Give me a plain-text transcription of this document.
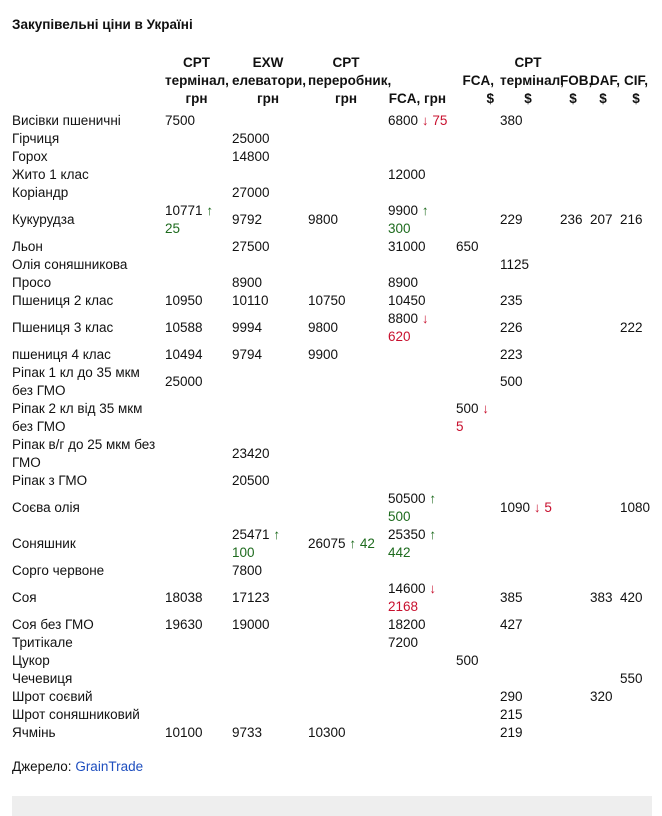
Закупівельні ціни в Україні
	CPT термінал, грн	EXW елеватори, грн	CPT переробник, грн	FCA, грн	FCA, $	CPT термінал, $	FOB, $	DAF, $	CIF, $
Висівки пшеничні	7500			6800 ↓ 75		380			
Гірчиця		25000							
Горох		14800							
Жито 1 клас				12000					
Коріандр		27000							
Кукурудза	10771 ↑ 25	9792	9800	9900 ↑ 300		229	236	207	216
Льон		27500		31000	650				
Олія соняшникова						1125			
Просо		8900		8900					
Пшениця 2 клас	10950	10110	10750	10450		235			
Пшениця 3 клас	10588	9994	9800	8800 ↓ 620		226			222
пшениця 4 клас	10494	9794	9900			223			
Ріпак 1 кл до 35 мкм без ГМО	25000					500			
Ріпак 2 кл від 35 мкм без ГМО					500 ↓ 5				
Ріпак в/г до 25 мкм без ГМО		23420							
Ріпак з ГМО		20500							
Соєва олія				50500 ↑ 500		1090 ↓ 5			1080
Соняшник		25471 ↑ 100	26075 ↑ 42	25350 ↑ 442					
Сорго червоне		7800							
Соя	18038	17123		14600 ↓ 2168		385		383	420
Соя без ГМО	19630	19000		18200		427			
Тритікале				7200					
Цукор					500				
Чечевиця									550
Шрот соєвий						290		320	
Шрот соняшниковий						215			
Ячмінь	10100	9733	10300			219			
Джерело: GrainTrade
